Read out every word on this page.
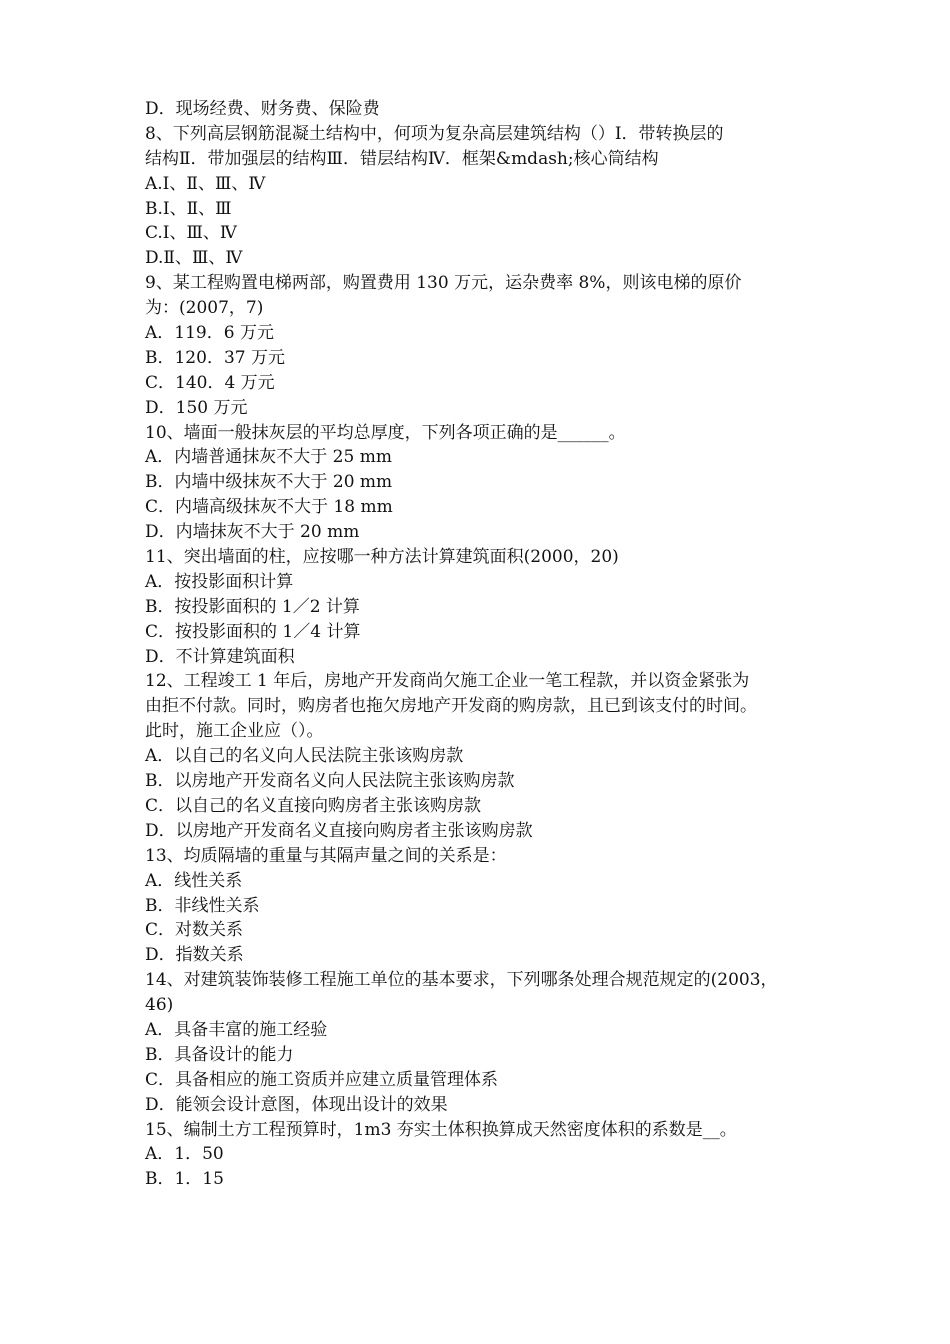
D．现场经费、财务费、保险费
8、下列高层钢筋混凝土结构中，何项为复杂高层建筑结构（）Ⅰ．带转换层的
结构Ⅱ．带加强层的结构Ⅲ．错层结构Ⅳ．框架&mdash;核心筒结构
A.Ⅰ、Ⅱ、Ⅲ、Ⅳ
B.Ⅰ、Ⅱ、Ⅲ
C.Ⅰ、Ⅲ、Ⅳ
D.Ⅱ、Ⅲ、Ⅳ
9、某工程购置电梯两部，购置费用 130 万元，运杂费率 8%，则该电梯的原价
为：(2007，7)
A．119．6 万元
B．120．37 万元
C．140．4 万元
D．150 万元
10、墙面一般抹灰层的平均总厚度，下列各项正确的是______。
A．内墙普通抹灰不大于 25 mm
B．内墙中级抹灰不大于 20 mm
C．内墙高级抹灰不大于 18 mm
D．内墙抹灰不大于 20 mm
11、突出墙面的柱，应按哪一种方法计算建筑面积(2000，20)
A．按投影面积计算
B．按投影面积的 1／2 计算
C．按投影面积的 1／4 计算
D．不计算建筑面积
12、工程竣工 1 年后，房地产开发商尚欠施工企业一笔工程款，并以资金紧张为
由拒不付款。同时，购房者也拖欠房地产开发商的购房款，且已到该支付的时间。
此时，施工企业应（）。
A．以自己的名义向人民法院主张该购房款
B．以房地产开发商名义向人民法院主张该购房款
C．以自己的名义直接向购房者主张该购房款
D．以房地产开发商名义直接向购房者主张该购房款
13、均质隔墙的重量与其隔声量之间的关系是：
A．线性关系
B．非线性关系
C．对数关系
D．指数关系
14、对建筑装饰装修工程施工单位的基本要求，下列哪条处理合规范规定的(2003，
46)
A．具备丰富的施工经验
B．具备设计的能力
C．具备相应的施工资质并应建立质量管理体系
D．能领会设计意图，体现出设计的效果
15、编制土方工程预算时，1m3 夯实土体积换算成天然密度体积的系数是__。
A．1．50
B．1．15
